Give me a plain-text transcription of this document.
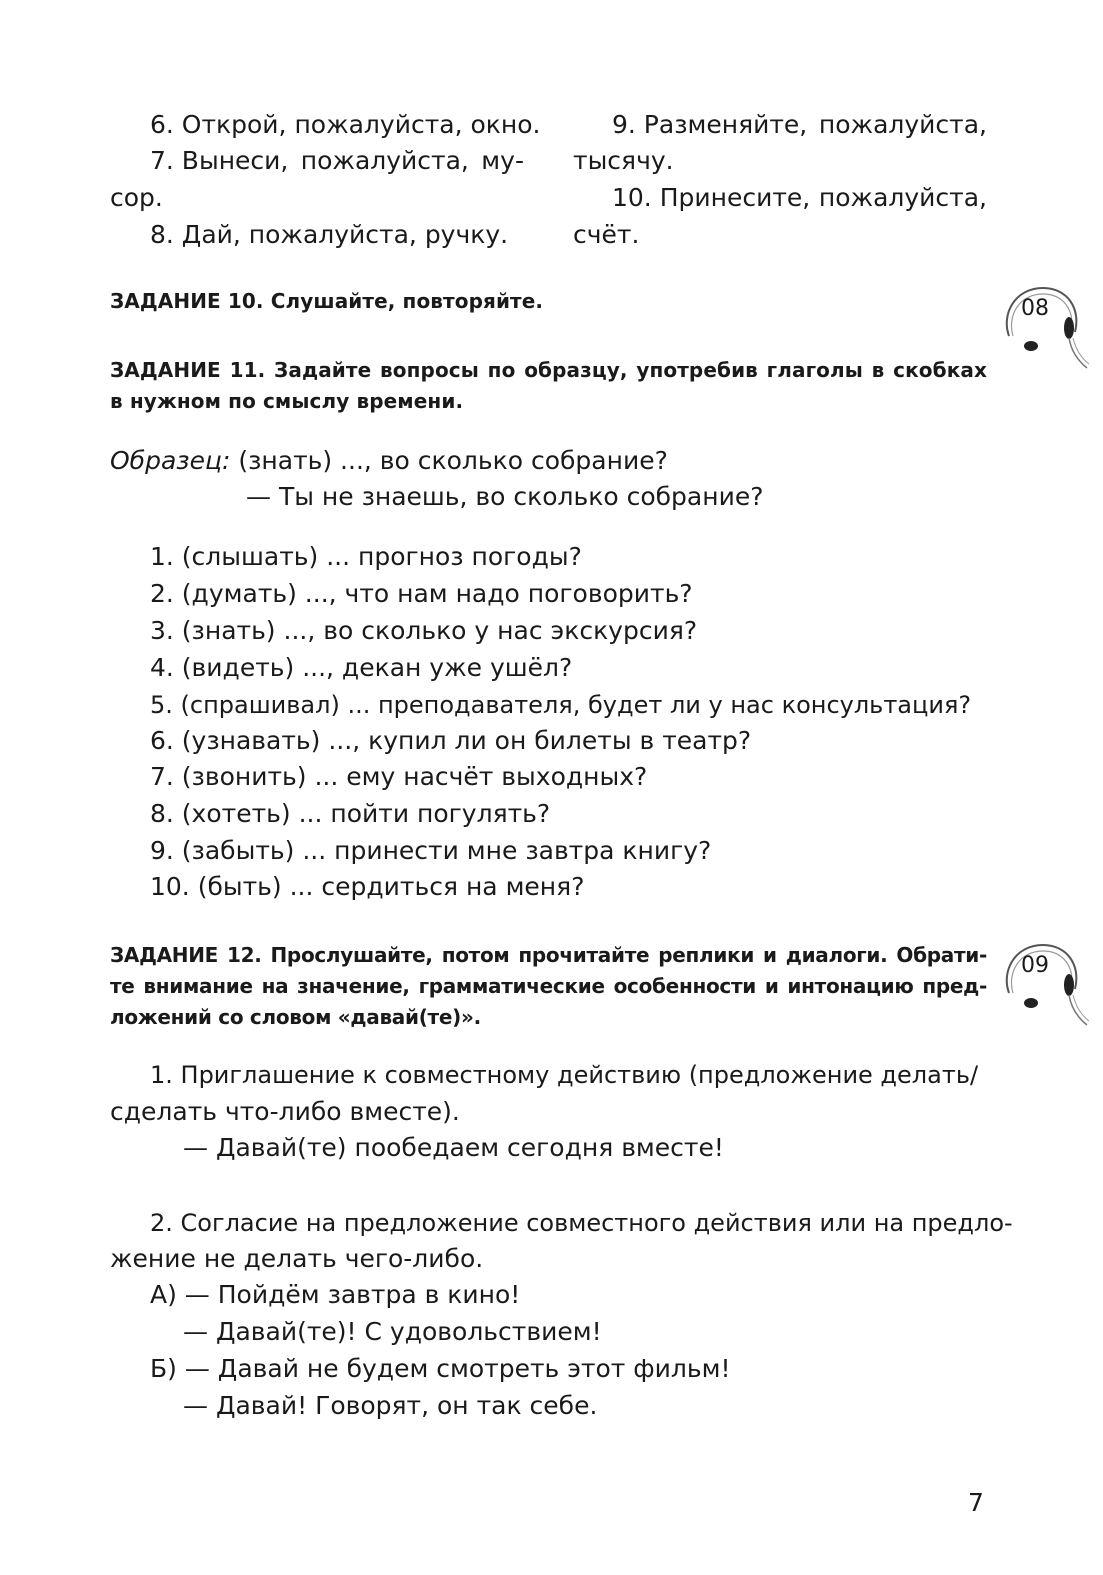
6. Открой, пожалуйста, окно.
7. Вынеси, пожалуйста, му-
сор.
8. Дай, пожалуйста, ручку.
9. Разменяйте, пожалуйста,
тысячу.
10. Принесите, пожалуйста,
счёт.
ЗАДАНИЕ 10. Слушайте, повторяйте.	08
ЗАДАНИЕ 11. Задайте вопросы по образцу, употребив глаголы в скобках
в нужном по смыслу времени.
Образец: (знать) ..., во сколько собрание?
— Ты не знаешь, во сколько собрание?
1. (слышать) ... прогноз погоды?
2. (думать) ..., что нам надо поговорить?
3. (знать) ..., во сколько у нас экскурсия?
4. (видеть) ..., декан уже ушёл?
5. (спрашивал) ... преподавателя, будет ли у нас консультация?
6. (узнавать) ..., купил ли он билеты в театр?
7. (звонить) ... ему насчёт выходных?
8. (хотеть) ... пойти погулять?
9. (забыть) ... принести мне завтра книгу?
10. (быть) ... сердиться на меня?
ЗАДАНИЕ 12. Прослушайте, потом прочитайте реплики и диалоги. Обрати-
те внимание на значение, грамматические особенности и интонацию пред-
ложений со словом «давай(те)».
09
1. Приглашение к совместному действию (предложение делать/
сделать что-либо вместе).
— Давай(те) пообедаем сегодня вместе!
2. Согласие на предложение совместного действия или на предло-
жение не делать чего-либо.
А) — Пойдём завтра в кино!
— Давай(те)! С удовольствием!
Б) — Давай не будем смотреть этот фильм!
— Давай! Говорят, он так себе.
7
